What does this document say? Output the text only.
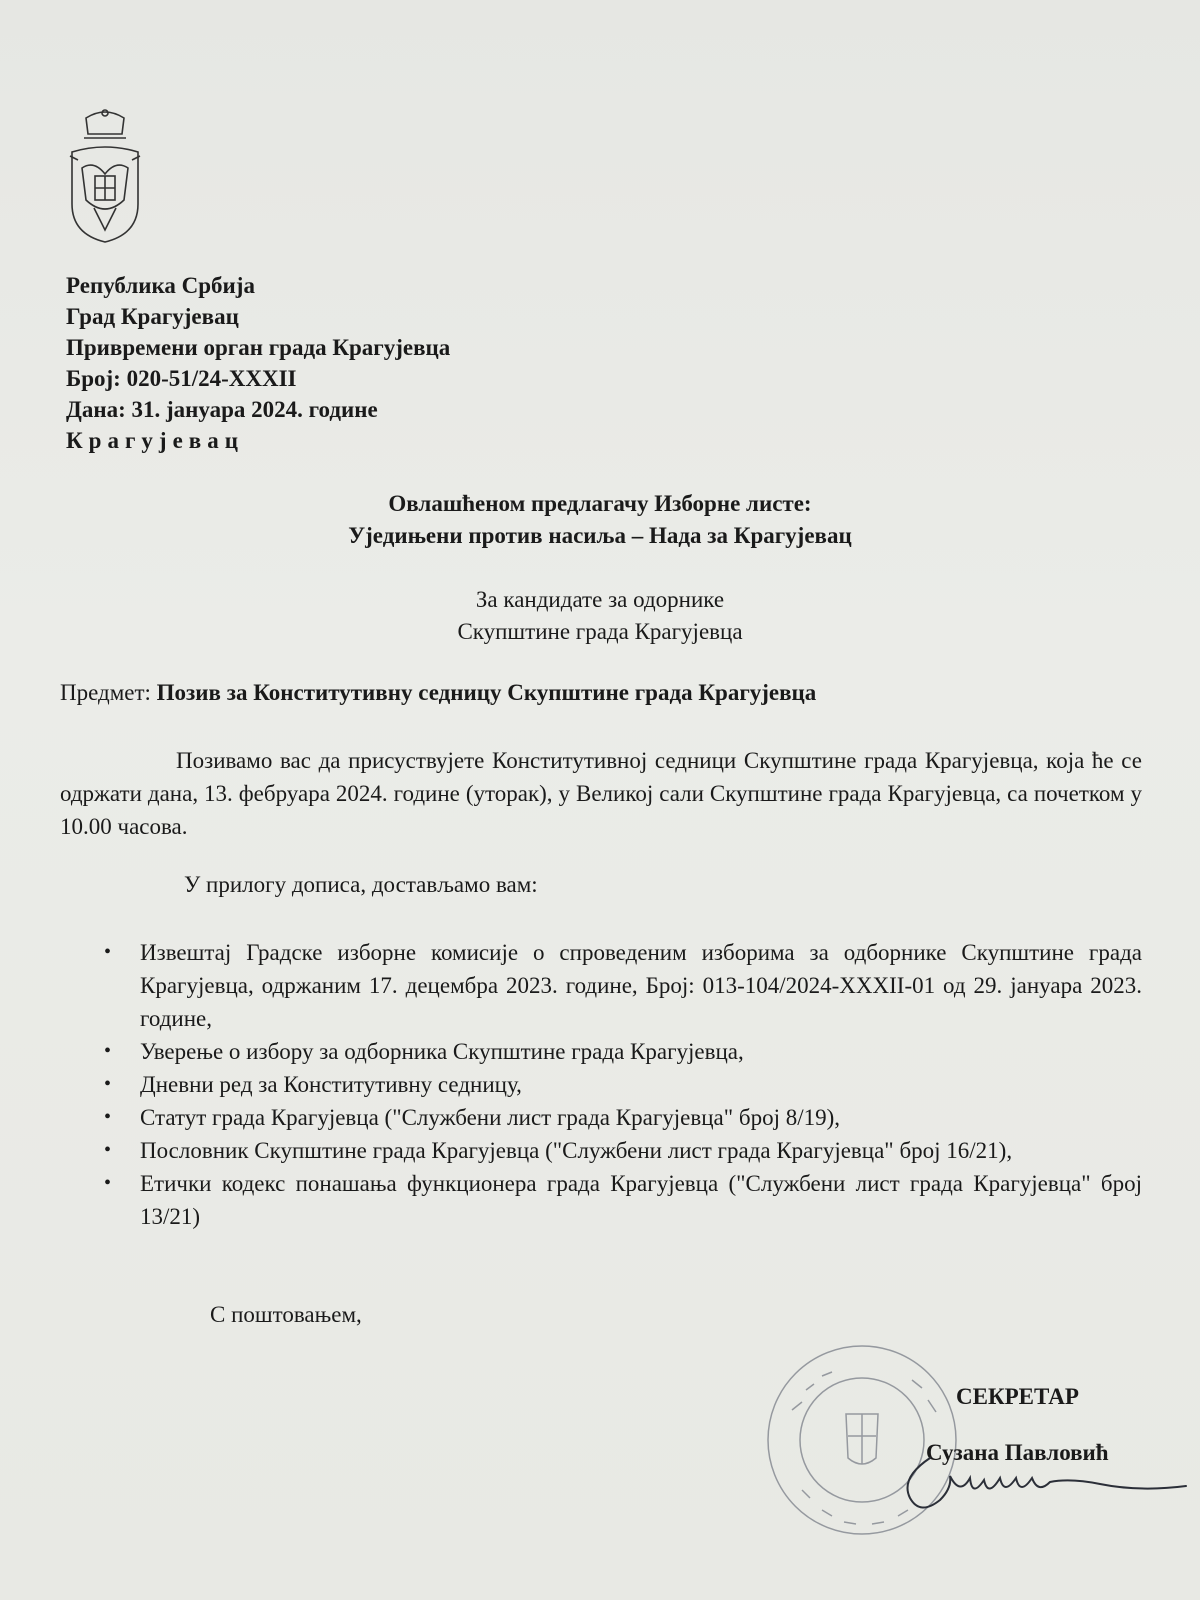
Република Србија
Град Крагујевац
Привремени орган града Крагујевца
Број: 020-51/24-XXXII
Дана: 31. јануара 2024. године
Крагујевац
Овлашћеном предлагачу Изборне листе:
Уједињени против насиља – Нада за Крагујевац
За кандидате за одорнике
Скупштине града Крагујевца
Предмет: Позив за Конститутивну седницу Скупштине града Крагујевца
Позивамо вас да присуствујете Конститутивној седници Скупштине града Крагујевца, која ће се одржати дана, 13. фебруара 2024. године (уторак), у Великој сали Скупштине града Крагујевца, са почетком у 10.00 часова.
У прилогу дописа, достављамо вам:
• Извештај Градске изборне комисије о спроведеним изборима за одборнике Скупштине града Крагујевца, одржаним 17. децембра 2023. године, Број: 013-104/2024-XXXII-01 од 29. јануара 2023. године,
• Уверење о избору за одборника Скупштине града Крагујевца,
• Дневни ред за Конститутивну седницу,
• Статут града Крагујевца ("Службени лист града Крагујевца" број 8/19),
• Пословник Скупштине града Крагујевца ("Службени лист града Крагујевца" број 16/21),
• Етички кодекс понашања функционера града Крагујевца ("Службени лист града Крагујевца" број 13/21)
С поштовањем,
СЕКРЕТАР
Сузана Павловић
